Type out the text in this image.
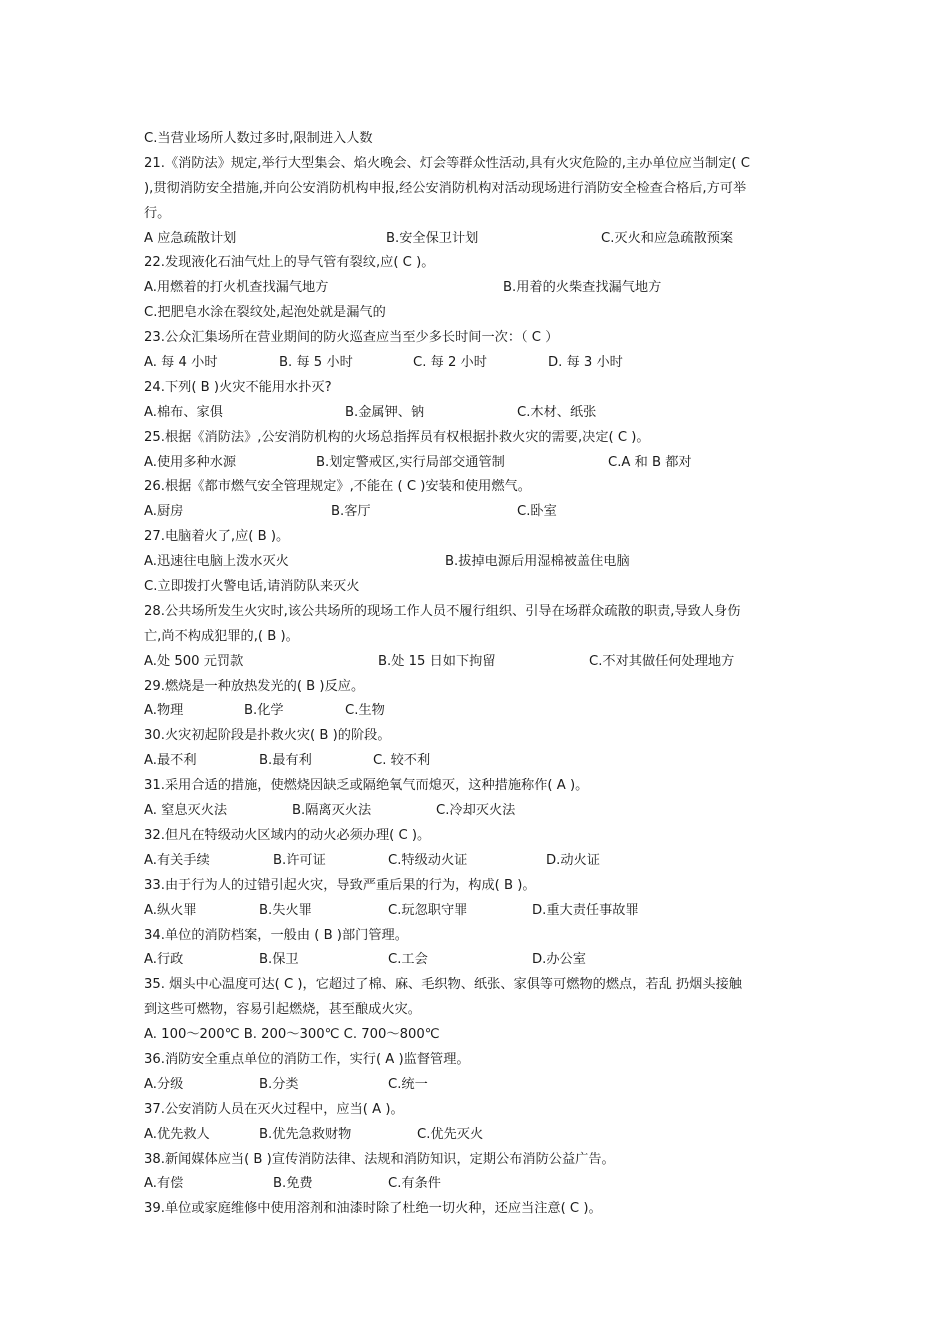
C.当营业场所人数过多时,限制进入人数
21.《消防法》规定,举行大型集会、焰火晚会、灯会等群众性活动,具有火灾危险的,主办单位应当制定( C
),贯彻消防安全措施,并向公安消防机构申报,经公安消防机构对活动现场进行消防安全检查合格后,方可举
行。
A 应急疏散计划	B.安全保卫计划	C.灭火和应急疏散预案
22.发现液化石油气灶上的导气管有裂纹,应( C )。
A.用燃着的打火机查找漏气地方	B.用着的火柴查找漏气地方
C.把肥皂水涂在裂纹处,起泡处就是漏气的
23.公众汇集场所在营业期间的防火巡查应当至少多长时间一次：（ C ）
A. 每 4 小时	B. 每 5 小时	C. 每 2 小时	D. 每 3 小时
24.下列( B )火灾不能用水扑灭?
A.棉布、家俱	B.金属钾、钠	C.木材、纸张
25.根据《消防法》,公安消防机构的火场总指挥员有权根据扑救火灾的需要,决定( C )。
A.使用多种水源	B.划定警戒区,实行局部交通管制	C.A 和 B 都对
26.根据《都市燃气安全管理规定》,不能在 ( C )安装和使用燃气。
A.厨房	B.客厅	C.卧室
27.电脑着火了,应( B )。
A.迅速往电脑上泼水灭火	B.拔掉电源后用湿棉被盖住电脑
C.立即拨打火警电话,请消防队来灭火
28.公共场所发生火灾时,该公共场所的现场工作人员不履行组织、引导在场群众疏散的职责,导致人身伤
亡,尚不构成犯罪的,( B )。
A.处 500 元罚款	B.处 15 日如下拘留	C.不对其做任何处理地方
29.燃烧是一种放热发光的( B )反应。
A.物理	B.化学	C.生物
30.火灾初起阶段是扑救火灾( B )的阶段。
A.最不利	B.最有利	C. 较不利
31.采用合适的措施，使燃烧因缺乏或隔绝氧气而熄灭，这种措施称作( A )。
A. 窒息灭火法	B.隔离灭火法	C.冷却灭火法
32.但凡在特级动火区域内的动火必须办理( C )。
A.有关手续	B.许可证	C.特级动火证	D.动火证
33.由于行为人的过错引起火灾，导致严重后果的行为，构成( B )。
A.纵火罪	B.失火罪	C.玩忽职守罪	D.重大责任事故罪
34.单位的消防档案，一般由 ( B )部门管理。
A.行政	B.保卫	C.工会	D.办公室
35. 烟头中心温度可达( C )，它超过了棉、麻、毛织物、纸张、家俱等可燃物的燃点，若乱 扔烟头接触
到这些可燃物，容易引起燃烧，甚至酿成火灾。
A. 100～200℃ B. 200～300℃ C. 700～800℃
36.消防安全重点单位的消防工作，实行( A )监督管理。
A.分级	B.分类	C.统一
37.公安消防人员在灭火过程中，应当( A )。
A.优先救人	B.优先急救财物	C.优先灭火
38.新闻媒体应当( B )宣传消防法律、法规和消防知识，定期公布消防公益广告。
A.有偿	B.免费	C.有条件
39.单位或家庭维修中使用溶剂和油漆时除了杜绝一切火种，还应当注意( C )。
